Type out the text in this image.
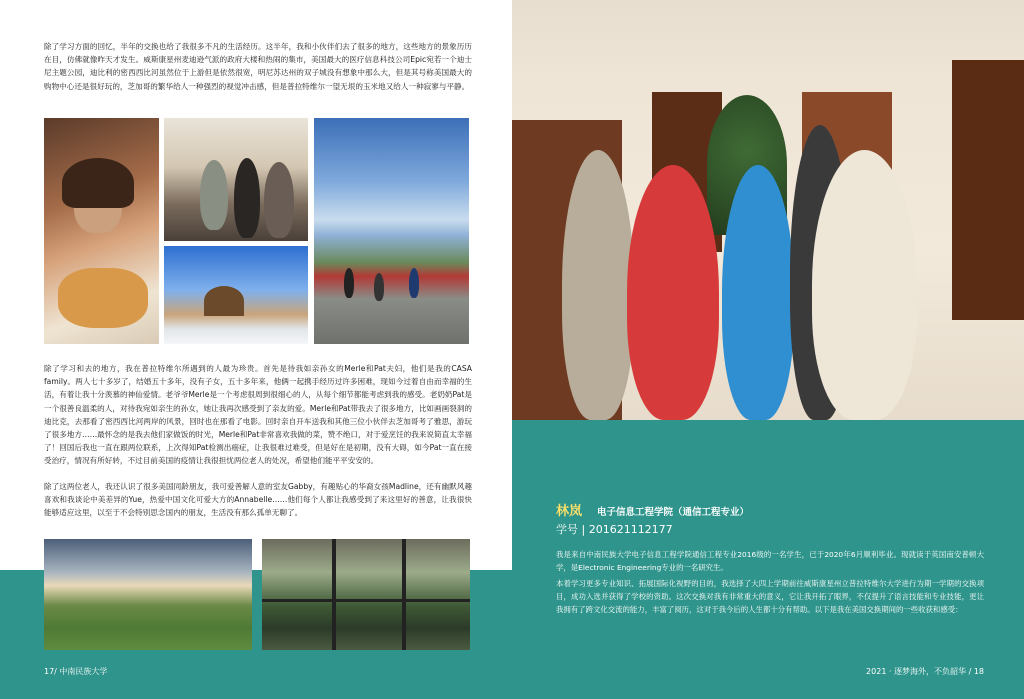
除了学习方面的回忆，半年的交换也给了我很多不凡的生活经历。这半年，我和小伙伴们去了很多的地方，这些地方的景象历历在目，仿佛就像昨天才发生。威斯康星州麦迪逊气派的政府大楼和热闹的集市，美国最大的医疗信息科技公司Epic宛若一个迪士尼主题公园，迪比利的密西西比河虽然位于上游但是依然很宽，明尼苏达州的双子城没有想象中那么大，但是其号称美国最大的购物中心还是很好玩的，芝加哥的繁华给人一种强烈的视觉冲击感，但是普拉特维尔一望无垠的玉米地又给人一种寂寥与平静。

除了学习和去的地方，我在普拉特维尔所遇到的人最为珍贵。首先是待我如亲孙女的Merle和Pat夫妇，他们是我的CASA family。两人七十多岁了，结婚五十多年，没有子女，五十多年来，他俩一起携手经历过许多困难，现如今过着自由而幸福的生活，有着让我十分羡慕的神仙爱情。老爷爷Merle是一个考虑很周到很细心的人，从每个细节都能考虑到我的感受。老奶奶Pat是一个很善良温柔的人，对待我宛如亲生的孙女，她让我再次感受到了亲友的爱。Merle和Pat带我去了很多地方，比如画画裂洞的迪比克，去那看了密西西比河两岸的风景，回时也在那看了电影。回时亲自开车送我和其他三位小伙伴去芝加哥考了雅思，游玩了很多地方……最怀念的是我去他们家做饭的时光，Merle和Pat非常喜欢我做的菜，赞不绝口，对于爱烹饪的我来说简直太幸福了！回国后我也一直在跟两位联系，上次得知Pat检测出癌症，让我很难过难受，但是好在是初期，没有大碍，如今Pat一直在接受治疗，情况有所好转，不过目前美国的疫情让我很担忧两位老人的处况，希望他们能平平安安的。

除了这两位老人，我还认识了很多美国同龄朋友，我可爱善解人意的室友Gabby，有趣贴心的华裔女孩Madline，还有幽默风趣喜欢和我谈论中美差异的Yue，热爱中国文化可爱大方的Annabelle……他们每个人都让我感受到了来这里好的善意，让我很快能够适应这里，以至于不会特别思念国内的朋友，生活没有那么孤单无聊了。

17/ 中南民族大学
林岚 电子信息工程学院（通信工程专业）
学号 | 201621112177

我是来自中南民族大学电子信息工程学院通信工程专业2016级的一名学生，已于2020年6月顺利毕业。现就读于英国南安普顿大学，是Electronic Engineering专业的一名研究生。

本着学习更多专业知识、拓展国际化视野的目的，我选择了大四上学期前往威斯康星州立普拉特维尔大学进行为期一学期的交换项目，成功入选并获得了学校的资助。这次交换对我有非常重大的意义，它让我开拓了眼界，不仅提升了语言技能和专业技能，更让我拥有了跨文化交流的能力，丰富了阅历，这对于我今后的人生都十分有帮助。以下是我在美国交换期间的一些收获和感受：

2021 · 逐梦海外，不负韶华 / 18
